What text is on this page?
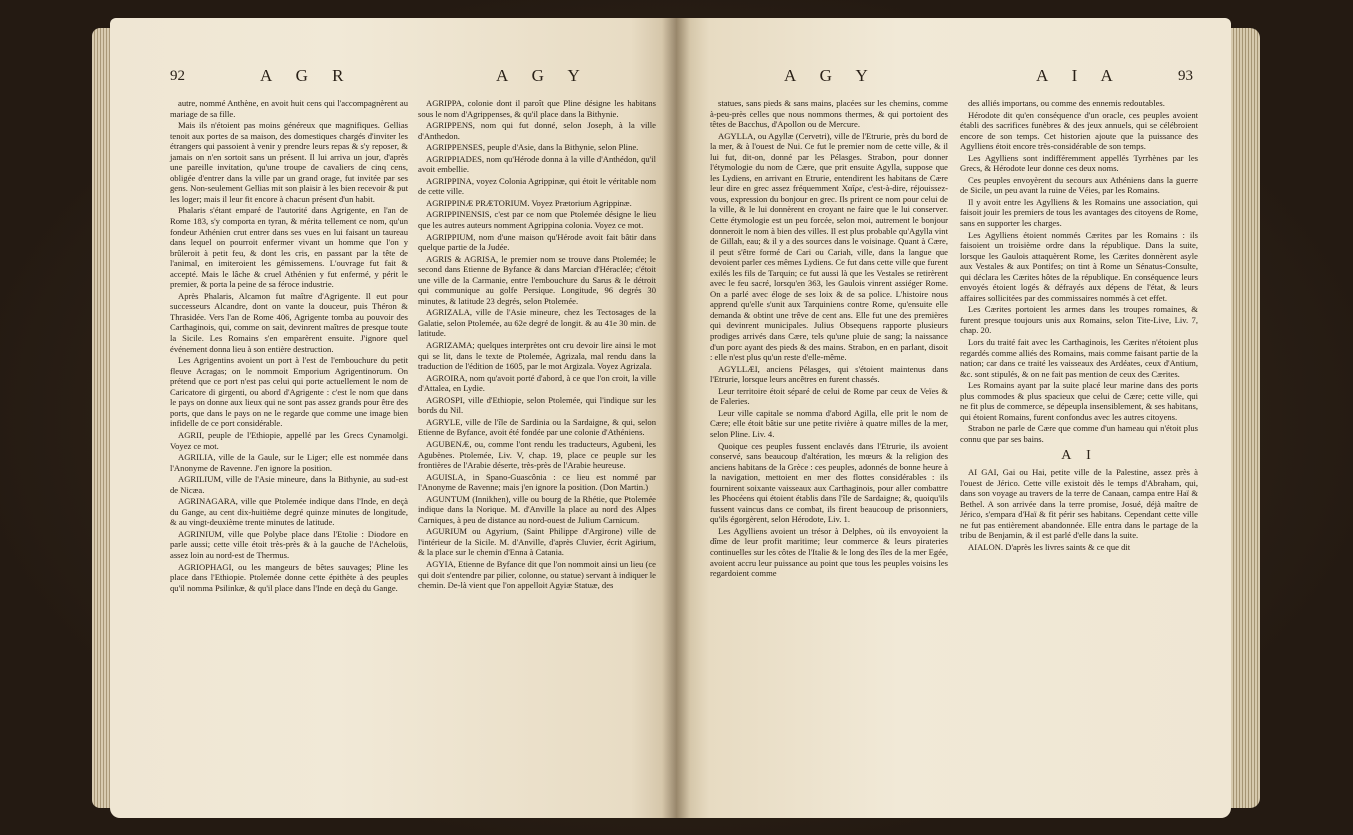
92	A G R	A G Y

autre, nommé Anthène, en avoit huit cens qui l'accompagnèrent au mariage de sa fille.

Mais ils n'étoient pas moins généreux que magnifiques. Gellias tenoit aux portes de sa maison, des domestiques chargés d'inviter les étrangers qui passoient à venir y prendre leurs repas & s'y reposer, & jamais on n'en sortoit sans un présent. Il lui arriva un jour, d'après une pareille invitation, qu'une troupe de cavaliers de cinq cens, obligée d'entrer dans la ville par un grand orage, fut invitée par ses gens. Non-seulement Gellias mit son plaisir à les bien recevoir & put les loger; mais il leur fit encore à chacun présent d'un habit.

Phalaris s'étant emparé de l'autorité dans Agrigente, en l'an de Rome 183, s'y comporta en tyran, & mérita tellement ce nom, qu'un fondeur Athénien crut entrer dans ses vues en lui faisant un taureau dans lequel on pourroit enfermer vivant un homme que l'on y brûleroit à petit feu, & dont les cris, en passant par la tête de l'animal, en imiteroient les gémissemens. L'ouvrage fut fait & accepté. Mais le lâche & cruel Athénien y fut enfermé, y périt le premier, & porta la peine de sa féroce industrie.

Après Phalaris, Alcamon fut maître d'Agrigente. Il eut pour successeurs Alcandre, dont on vante la douceur, puis Théron & Thrasidée. Vers l'an de Rome 406, Agrigente tomba au pouvoir des Carthaginois, qui, comme on sait, devinrent maîtres de presque toute la Sicile. Les Romains s'en emparèrent ensuite. J'ignore quel événement donna lieu à son entière destruction.

Les Agrigentins avoient un port à l'est de l'embouchure du petit fleuve Acragas; on le nommoit Emporium Agrigentinorum. On prétend que ce port n'est pas celui qui porte actuellement le nom de Caricatore di girgenti, ou abord d'Agrigente : c'est le nom que dans le pays on donne aux lieux qui ne sont pas assez grands pour être des ports, que dans le pays on ne le regarde que comme une image bien infidelle de ce port considérable.

AGRII, peuple de l'Ethiopie, appellé par les Grecs Cynamolgi. Voyez ce mot.

AGRILIA, ville de la Gaule, sur le Liger; elle est nommée dans l'Anonyme de Ravenne. J'en ignore la position.

AGRILIUM, ville de l'Asie mineure, dans la Bithynie, au sud-est de Nicæa.

AGRINAGARA, ville que Ptolemée indique dans l'Inde, en deçà du Gange, au cent dix-huitième degré quinze minutes de longitude, & au vingt-deuxième trente minutes de latitude.

AGRINIUM, ville que Polybe place dans l'Etolie : Diodore en parle aussi; cette ville étoit très-près & à la gauche de l'Acheloüs, assez loin au nord-est de Thermus.

AGRIOPHAGI, ou les mangeurs de bêtes sauvages; Pline les place dans l'Ethiopie. Ptolemée donne cette épithète à des peuples qu'il nomma Psilinkæ, & qu'il place dans l'Inde en deçà du Gange.

AGRIPPA, colonie dont il paroît que Pline désigne les habitans sous le nom d'Agrippenses, & qu'il place dans la Bithynie.

AGRIPPENS, nom qui fut donné, selon Joseph, à la ville d'Anthedon.

AGRIPPENSES, peuple d'Asie, dans la Bithynie, selon Pline.

AGRIPPIADES, nom qu'Hérode donna à la ville d'Anthédon, qu'il avoit embellie.

AGRIPPINA, voyez Colonia Agrippinæ, qui étoit le véritable nom de cette ville.

AGRIPPINÆ PRÆTORIUM. Voyez Prætorium Agrippinæ.

AGRIPPINENSIS, c'est par ce nom que Ptolemée désigne le lieu que les autres auteurs nomment Agrippina colonia. Voyez ce mot.

AGRIPPIUM, nom d'une maison qu'Hérode avoit fait bâtir dans quelque partie de la Judée.

AGRIS & AGRISA, le premier nom se trouve dans Ptolemée; le second dans Etienne de Byfance & dans Marcian d'Héraclée; c'étoit une ville de la Carmanie, entre l'embouchure du Sarus & le détroit qui communique au golfe Persique. Longitude, 96 degrés 30 minutes, & latitude 23 degrés, selon Ptolemée.

AGRIZALA, ville de l'Asie mineure, chez les Tectosages de la Galatie, selon Ptolemée, au 62e degré de longit. & au 41e 30 min. de latitude.

AGRIZAMA; quelques interprètes ont cru devoir lire ainsi le mot qui se lit, dans le texte de Ptolemée, Agrizala, mal rendu dans la traduction de l'édition de 1605, par le mot Argizala. Voyez Agrizala.

AGROIRA, nom qu'avoit porté d'abord, à ce que l'on croit, la ville d'Attalea, en Lydie.

AGROSPI, ville d'Ethiopie, selon Ptolemée, qui l'indique sur les bords du Nil.

AGRYLE, ville de l'île de Sardinia ou la Sardaigne, & qui, selon Etienne de Byfance, avoit été fondée par une colonie d'Athéniens.

AGUBENÆ, ou, comme l'ont rendu les traducteurs, Agubeni, les Agubènes. Ptolemée, Liv. V, chap. 19, place ce peuple sur les frontières de l'Arabie déserte, très-près de l'Arabie heureuse.

AGUISLA, in Spano-Guascônia : ce lieu est nommé par l'Anonyme de Ravenne; mais j'en ignore la position. (Don Martin.)

AGUNTUM (Innikhen), ville ou bourg de la Rhétie, que Ptolemée indique dans la Norique. M. d'Anville la place au nord des Alpes Carniques, à peu de distance au nord-ouest de Julium Carnicum.

AGURIUM ou Agyrium, (Saint Philippe d'Argirone) ville de l'intérieur de la Sicile. M. d'Anville, d'après Cluvier, écrit Agirium, & la place sur le chemin d'Enna à Catania.

AGYIA, Etienne de Byfance dit que l'on nommoit ainsi un lieu (ce qui doit s'entendre par pilier, colonne, ou statue) servant à indiquer le chemin. De-là vient que l'on appelloit Agyiæ Statuæ, des

A G Y	A I A	93

statues, sans pieds & sans mains, placées sur les chemins, comme à-peu-près celles que nous nommons thermes, & qui portoient des têtes de Bacchus, d'Apollon ou de Mercure.

AGYLLA, ou Agyllæ (Cervetri), ville de l'Etrurie, près du bord de la mer, & à l'ouest de Nui. Ce fut le premier nom de cette ville, & il lui fut, dit-on, donné par les Pélasges. Strabon, pour donner l'étymologie du nom de Cære, que prit ensuite Agylla, suppose que les Lydiens, en arrivant en Etrurie, entendirent les habitans de Cære leur dire en grec assez fréquemment Χαῖρε, c'est-à-dire, réjouissez-vous, expression du bonjour en grec. Ils prirent ce nom pour celui de la ville, & le lui donnèrent en croyant ne faire que le lui conserver. Cette étymologie est un peu forcée, selon moi, autrement le bonjour donneroit le nom à bien des villes. Il est plus probable qu'Agylla vint de Gillah, eau; & il y a des sources dans le voisinage. Quant à Cære, il peut s'être formé de Cari ou Cariah, ville, dans la langue que devoient parler ces mêmes Lydiens. Ce fut dans cette ville que furent exilés les fils de Tarquin; ce fut aussi là que les Vestales se retirèrent avec le feu sacré, lorsqu'en 363, les Gaulois vinrent assiéger Rome. On a parlé avec éloge de ses loix & de sa police. L'histoire nous apprend qu'elle s'unit aux Tarquiniens contre Rome, qu'ensuite elle demanda & obtint une trêve de cent ans. Elle fut une des premières qui devinrent municipales. Julius Obsequens rapporte plusieurs prodiges arrivés dans Cære, tels qu'une pluie de sang; la naissance d'un porc ayant des pieds & des mains. Strabon, en en parlant, disoit : elle n'est plus qu'un reste d'elle-même.

AGYLLÆI, anciens Pélasges, qui s'étoient maintenus dans l'Etrurie, lorsque leurs ancêtres en furent chassés.

Leur territoire étoit séparé de celui de Rome par ceux de Veïes & de Faleries.

Leur ville capitale se nomma d'abord Agilla, elle prit le nom de Cære; elle étoit bâtie sur une petite rivière à quatre milles de la mer, selon Pline. Liv. 4.

Quoique ces peuples fussent enclavés dans l'Etrurie, ils avoient conservé, sans beaucoup d'altération, les mœurs & la religion des anciens habitans de la Grèce : ces peuples, adonnés de bonne heure à la navigation, mettoient en mer des flottes considérables : ils fournirent soixante vaisseaux aux Carthaginois, pour aller combattre les Phocéens qui étoient établis dans l'île de Sardaigne; &, quoiqu'ils fussent vaincus dans ce combat, ils firent beaucoup de prisonniers, qu'ils égorgèrent, selon Hérodote, Liv. 1.

Les Agylliens avoient un trésor à Delphes, où ils envoyoient la dîme de leur profit maritime; leur commerce & leurs pirateries continuelles sur les côtes de l'Italie & le long des îles de la mer Egée, avoient accru leur puissance au point que tous les peuples voisins les regardoient comme

des alliés importans, ou comme des ennemis redoutables.

Hérodote dit qu'en conséquence d'un oracle, ces peuples avoient établi des sacrifices funèbres & des jeux annuels, qui se célébroient encore de son temps. Cet historien ajoute que la puissance des Agylliens étoit encore très-considérable de son temps.

Les Agylliens sont indifféremment appellés Tyrrhènes par les Grecs, & Hérodote leur donne ces deux noms.

Ces peuples envoyèrent du secours aux Athéniens dans la guerre de Sicile, un peu avant la ruine de Véies, par les Romains.

Il y avoit entre les Agylliens & les Romains une association, qui faisoit jouir les premiers de tous les avantages des citoyens de Rome, sans en supporter les charges.

Les Agylliens étoient nommés Cærites par les Romains : ils faisoient un troisième ordre dans la république. Dans la suite, lorsque les Gaulois attaquèrent Rome, les Cærites donnèrent asyle aux Vestales & aux Pontifes; on tint à Rome un Sénatus-Consulte, qui déclara les Cærites hôtes de la république. En conséquence leurs envoyés étoient logés & défrayés aux dépens de l'état, & leurs affaires sollicitées par des commissaires nommés à cet effet.

Les Cærites portoient les armes dans les troupes romaines, & furent presque toujours unis aux Romains, selon Tite-Live, Liv. 7, chap. 20.

Lors du traité fait avec les Carthaginois, les Cærites n'étoient plus regardés comme alliés des Romains, mais comme faisant partie de la nation; car dans ce traité les vaisseaux des Ardéates, ceux d'Antium, &c. sont stipulés, & on ne fait pas mention de ceux des Cærites.

Les Romains ayant par la suite placé leur marine dans des ports plus commodes & plus spacieux que celui de Cære; cette ville, qui ne fit plus de commerce, se dépeupla insensiblement, & ses habitans, qui étoient Romains, furent confondus avec les autres citoyens.

Strabon ne parle de Cære que comme d'un hameau qui n'étoit plus connu que par ses bains.

A I

AI GAI, Gai ou Hai, petite ville de la Palestine, assez près à l'ouest de Jérico. Cette ville existoit dès le temps d'Abraham, qui, dans son voyage au travers de la terre de Canaan, campa entre Haï & Bethel. A son arrivée dans la terre promise, Josué, déjà maître de Jérico, s'empara d'Haï & fit périr ses habitans. Cependant cette ville ne fut pas entièrement abandonnée. Elle entra dans le partage de la tribu de Benjamin, & il est parlé d'elle dans la suite.

AIALON. D'après les livres saints & ce que dit
